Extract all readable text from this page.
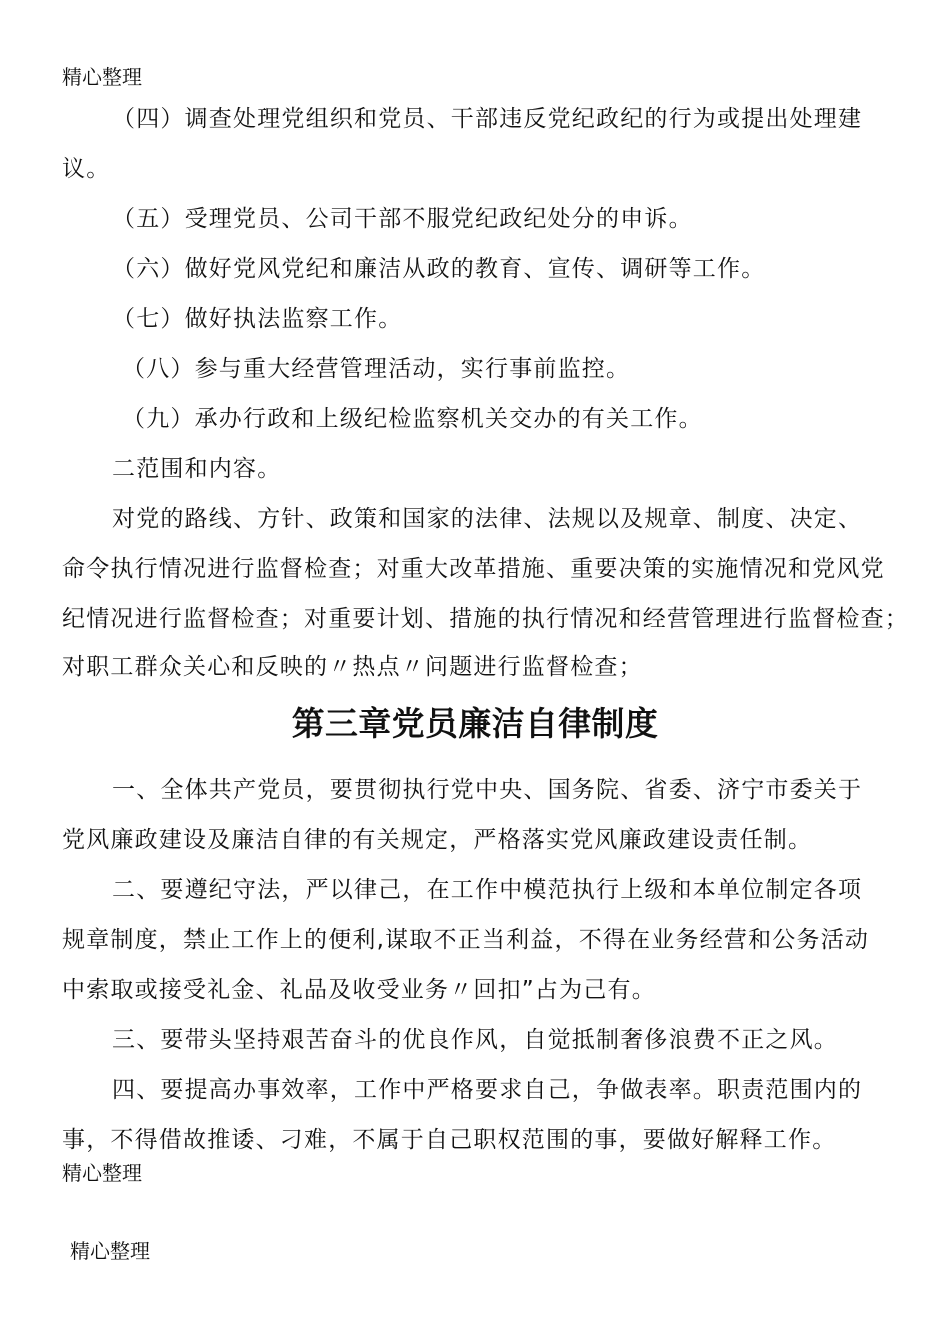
精心整理
（四）调查处理党组织和党员、干部违反党纪政纪的行为或提出处理建
议。
（五）受理党员、公司干部不服党纪政纪处分的申诉。
（六）做好党风党纪和廉洁从政的教育、宣传、调研等工作。
（七）做好执法监察工作。
（八）参与重大经营管理活动，实行事前监控。
（九）承办行政和上级纪检监察机关交办的有关工作。
二范围和内容。
对党的路线、方针、政策和国家的法律、法规以及规章、制度、决定、
命令执行情况进行监督检查；对重大改革措施、重要决策的实施情况和党风党
纪情况进行监督检查；对重要计划、措施的执行情况和经营管理进行监督检查；
对职工群众关心和反映的〃热点〃问题进行监督检查；
第三章党员廉洁自律制度
一、全体共产党员，要贯彻执行党中央、国务院、省委、济宁市委关于
党风廉政建设及廉洁自律的有关规定，严格落实党风廉政建设责任制。
二、要遵纪守法，严以律己，在工作中模范执行上级和本单位制定各项
规章制度，禁止工作上的便利,谋取不正当利益，不得在业务经营和公务活动
中索取或接受礼金、礼品及收受业务〃回扣”占为己有。
三、要带头坚持艰苦奋斗的优良作风，自觉抵制奢侈浪费不正之风。
四、要提高办事效率，工作中严格要求自己，争做表率。职责范围内的
事，不得借故推诿、刁难，不属于自己职权范围的事，要做好解释工作。
精心整理
精心整理
